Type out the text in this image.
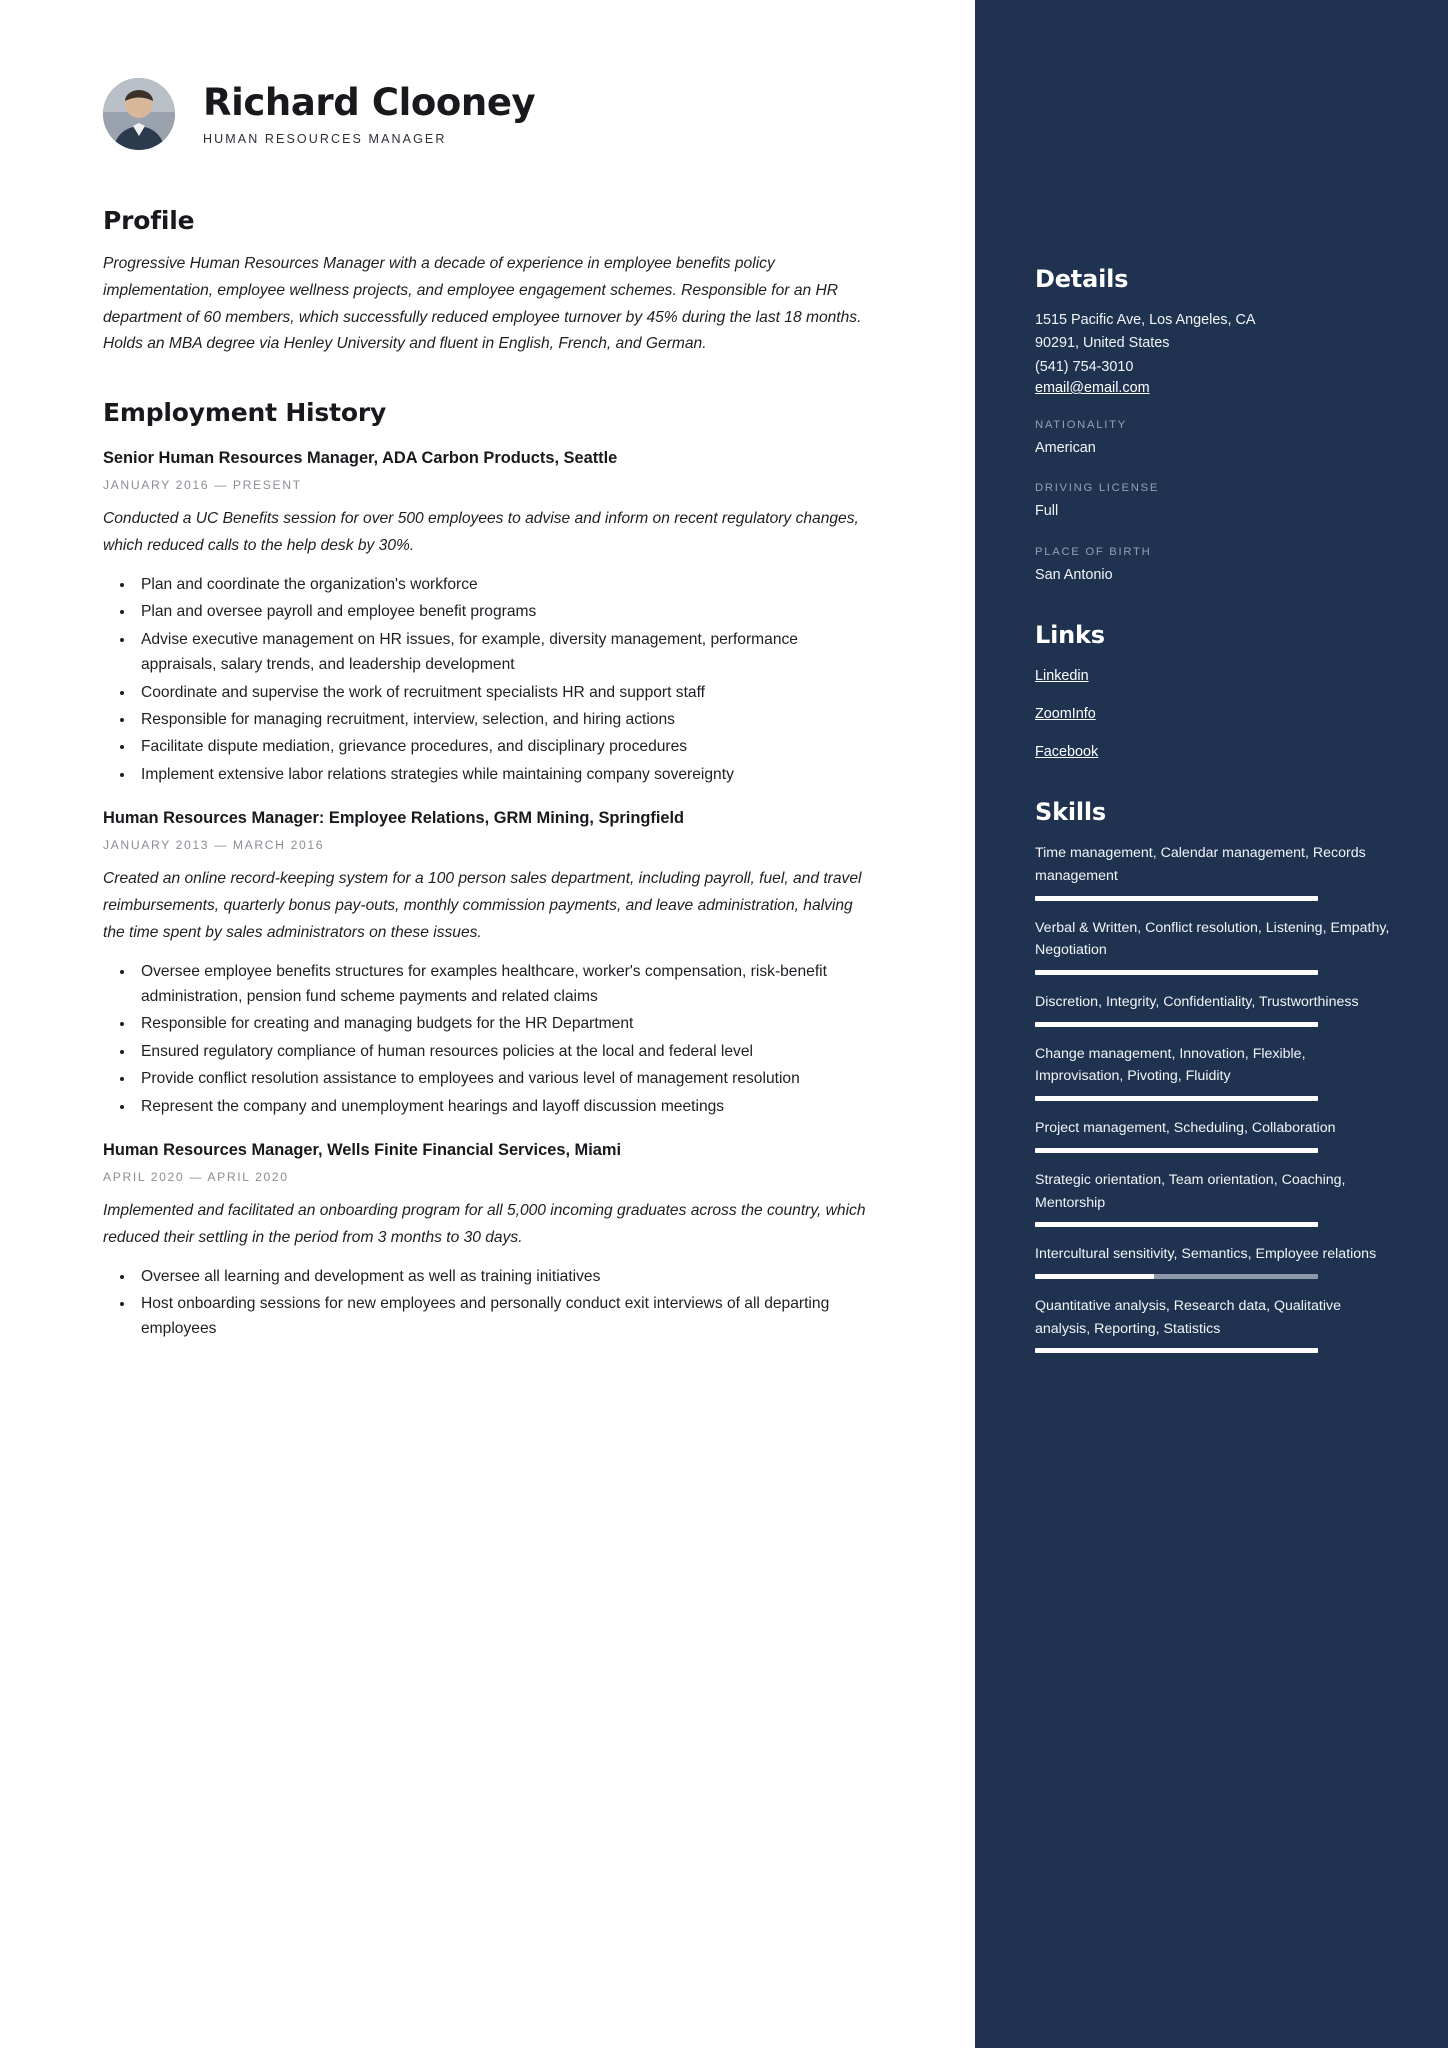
Richard Clooney
HUMAN RESOURCES MANAGER
Profile

Progressive Human Resources Manager with a decade of experience in employee benefits policy implementation, employee wellness projects, and employee engagement schemes. Responsible for an HR department of 60 members, which successfully reduced employee turnover by 45% during the last 18 months. Holds an MBA degree via Henley University and fluent in English, French, and German.

Employment History
Senior Human Resources Manager, ADA Carbon Products, Seattle
JANUARY 2016 — PRESENT

Conducted a UC Benefits session for over 500 employees to advise and inform on recent regulatory changes, which reduced calls to the help desk by 30%.

• Plan and coordinate the organization's workforce
• Plan and oversee payroll and employee benefit programs
• Advise executive management on HR issues, for example, diversity management, performance appraisals, salary trends, and leadership development
• Coordinate and supervise the work of recruitment specialists HR and support staff
• Responsible for managing recruitment, interview, selection, and hiring actions
• Facilitate dispute mediation, grievance procedures, and disciplinary procedures
• Implement extensive labor relations strategies while maintaining company sovereignty
Human Resources Manager: Employee Relations, GRM Mining, Springfield
JANUARY 2013 — MARCH 2016

Created an online record-keeping system for a 100 person sales department, including payroll, fuel, and travel reimbursements, quarterly bonus pay-outs, monthly commission payments, and leave administration, halving the time spent by sales administrators on these issues.

• Oversee employee benefits structures for examples healthcare, worker's compensation, risk-benefit administration, pension fund scheme payments and related claims
• Responsible for creating and managing budgets for the HR Department
• Ensured regulatory compliance of human resources policies at the local and federal level
• Provide conflict resolution assistance to employees and various level of management resolution
• Represent the company and unemployment hearings and layoff discussion meetings
Human Resources Manager, Wells Finite Financial Services, Miami
APRIL 2020 — APRIL 2020

Implemented and facilitated an onboarding program for all 5,000 incoming graduates across the country, which reduced their settling in the period from 3 months to 30 days.

• Oversee all learning and development as well as training initiatives
• Host onboarding sessions for new employees and personally conduct exit interviews of all departing employees
Details
1515 Pacific Ave, Los Angeles, CA
90291, United States
(541) 754-3010
email@email.com
NATIONALITY
American
DRIVING LICENSE
Full
PLACE OF BIRTH
San Antonio
Links
Linkedin
ZoomInfo
Facebook
Skills
Time management, Calendar management, Records management
Verbal & Written, Conflict resolution, Listening, Empathy, Negotiation
Discretion, Integrity, Confidentiality, Trustworthiness
Change management, Innovation, Flexible, Improvisation, Pivoting, Fluidity
Project management, Scheduling, Collaboration
Strategic orientation, Team orientation, Coaching, Mentorship
Intercultural sensitivity, Semantics, Employee relations
Quantitative analysis, Research data, Qualitative analysis, Reporting, Statistics
